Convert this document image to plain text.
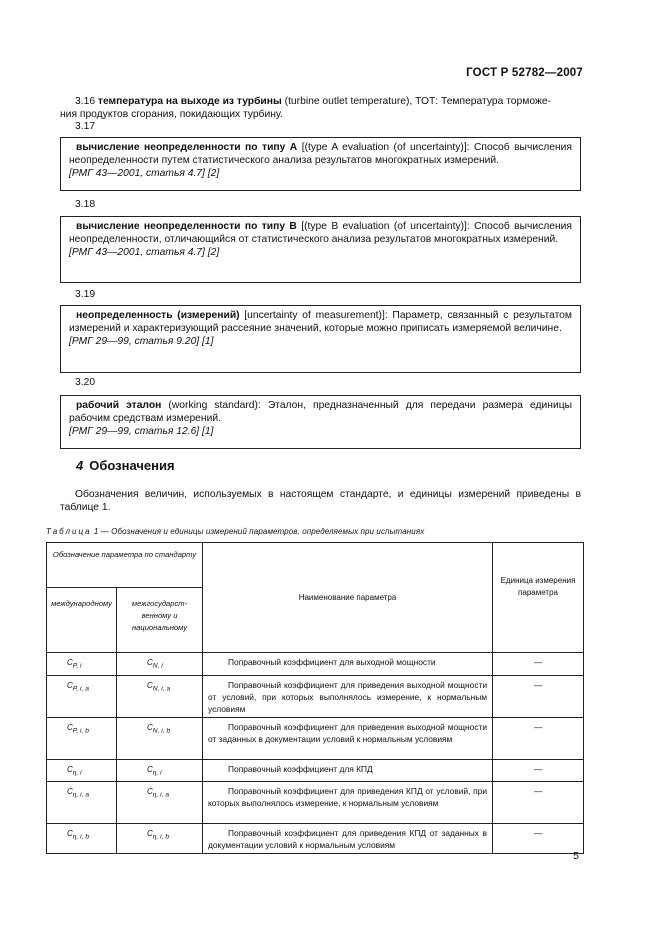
ГОСТ Р 52782—2007
3.16 температура на выходе из турбины (turbine outlet temperature), ТОТ: Температура торможе-
ния продуктов сгорания, покидающих турбину.
3.17

вычисление неопределенности по типу А [(type A evaluation (of uncertainty)]: Способ вычисления неопределенности путем статистического анализа результатов многократных измерений.

[РМГ 43—2001, статья 4.7] [2]

3.18

вычисление неопределенности по типу В [(type B evaluation (of uncertainty)]: Способ вычисления неопределенности, отличающийся от статистического анализа результатов многократных измерений.

[РМГ 43—2001, статья 4.7] [2]

3.19

неопределенность (измерений) [uncertainty of measurement)]: Параметр, связанный с результатом измерений и характеризующий рассеяние значений, которые можно приписать измеряемой величине.

[РМГ 29—99, статья 9.20] [1]

3.20

рабочий эталон (working standard): Эталон, предназначенный для передачи размера единицы рабочим средствам измерений.

[РМГ 29—99, статья 12.6] [1]

4 Обозначения
Обозначения величин, используемых в настоящем стандарте, и единицы измерений приведены в таблице 1.
Таблица 1 — Обозначения и единицы измерений параметров, определяемых при испытаниях
Обозначение параметра по стандарту		Наименование параметра	Единица измерения параметра
международному	межгосударственному и национальному		
$C_{P, i}$	$C_{N, i}$	Поправочный коэффициент для выходной мощности	—
$C_{P, i, a}$	$C_{N, i, a}$	Поправочный коэффициент для приведения выходной мощности от условий, при которых выполнялось измерение, к нормальным условиям	—
$C_{P, i, b}$	$C_{N, i, b}$	Поправочный коэффициент для приведения выходной мощности от заданных в документации условий к нормальным условиям	—
$C_{\eta, i}$	$C_{\eta, i}$	Поправочный коэффициент для КПД	—
$C_{\eta, i, a}$	$C_{\eta, i, a}$	Поправочный коэффициент для приведения КПД от условий, при которых выполнялось измерение, к нормальным условиям	—
$C_{\eta, i, b}$	$C_{\eta, i, b}$	Поправочный коэффициент для приведения КПД от заданных в документации условий к нормальным условиям	—
5
